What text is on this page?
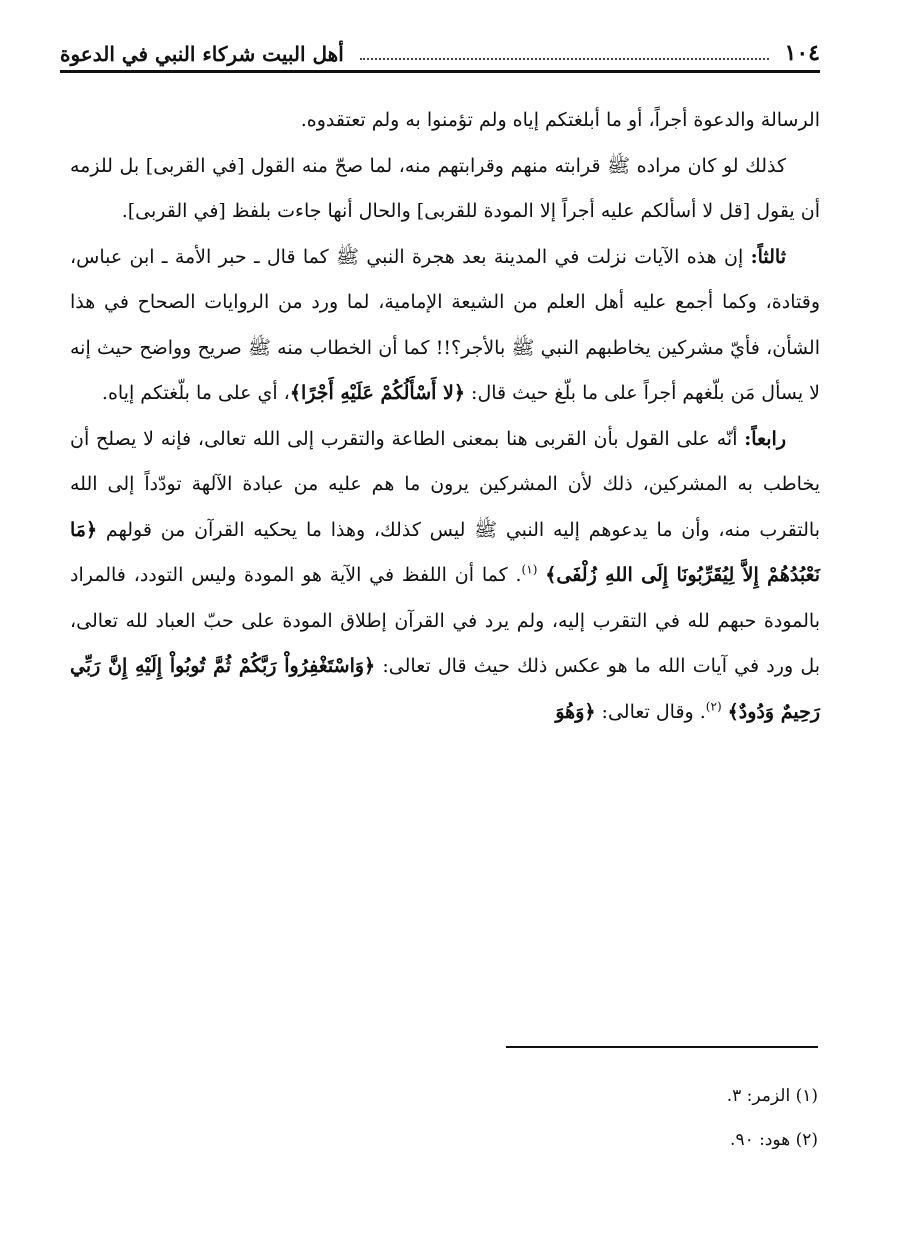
١٠٤
أهل البيت شركاء النبي في الدعوة

الرسالة والدعوة أجراً، أو ما أبلغتكم إياه ولم تؤمنوا به ولم تعتقدوه.

كذلك لو كان مراده ﷺ قرابته منهم وقرابتهم منه، لما صحّ منه القول [في القربى] بل للزمه أن يقول [قل لا أسألكم عليه أجراً إلا المودة للقربى] والحال أنها جاءت بلفظ [في القربى].

ثالثاً: إن هذه الآيات نزلت في المدينة بعد هجرة النبي ﷺ كما قال ـ حبر الأمة ـ ابن عباس، وقتادة، وكما أجمع عليه أهل العلم من الشيعة الإمامية، لما ورد من الروايات الصحاح في هذا الشأن، فأيّ مشركين يخاطبهم النبي ﷺ بالأجر؟!! كما أن الخطاب منه ﷺ صريح وواضح حيث إنه لا يسأل مَن بلّغهم أجراً على ما بلّغ حيث قال: ﴿لا أَسْأَلُكُمْ عَلَيْهِ أَجْرًا﴾، أي على ما بلّغتكم إياه.

رابعاً: أنّه على القول بأن القربى هنا بمعنى الطاعة والتقرب إلى الله تعالى، فإنه لا يصلح أن يخاطب به المشركين، ذلك لأن المشركين يرون ما هم عليه من عبادة الآلهة تودّداً إلى الله بالتقرب منه، وأن ما يدعوهم إليه النبي ﷺ ليس كذلك، وهذا ما يحكيه القرآن من قولهم ﴿مَا نَعْبُدُهُمْ إِلاَّ لِيُقَرِّبُونَا إِلَى اللهِ زُلْفَى﴾ $^{(١)}$. كما أن اللفظ في الآية هو المودة وليس التودد، فالمراد بالمودة حبهم لله في التقرب إليه، ولم يرد في القرآن إطلاق المودة على حبّ العباد لله تعالى، بل ورد في آيات الله ما هو عكس ذلك حيث قال تعالى: ﴿وَاسْتَغْفِرُواْ رَبَّكُمْ ثُمَّ تُوبُواْ إِلَيْهِ إِنَّ رَبِّي رَحِيمٌ وَدُودٌ﴾ $^{(٢)}$. وقال تعالى: ﴿وَهُوَ

(١) الزمر: ٣.
(٢) هود: ٩٠.
